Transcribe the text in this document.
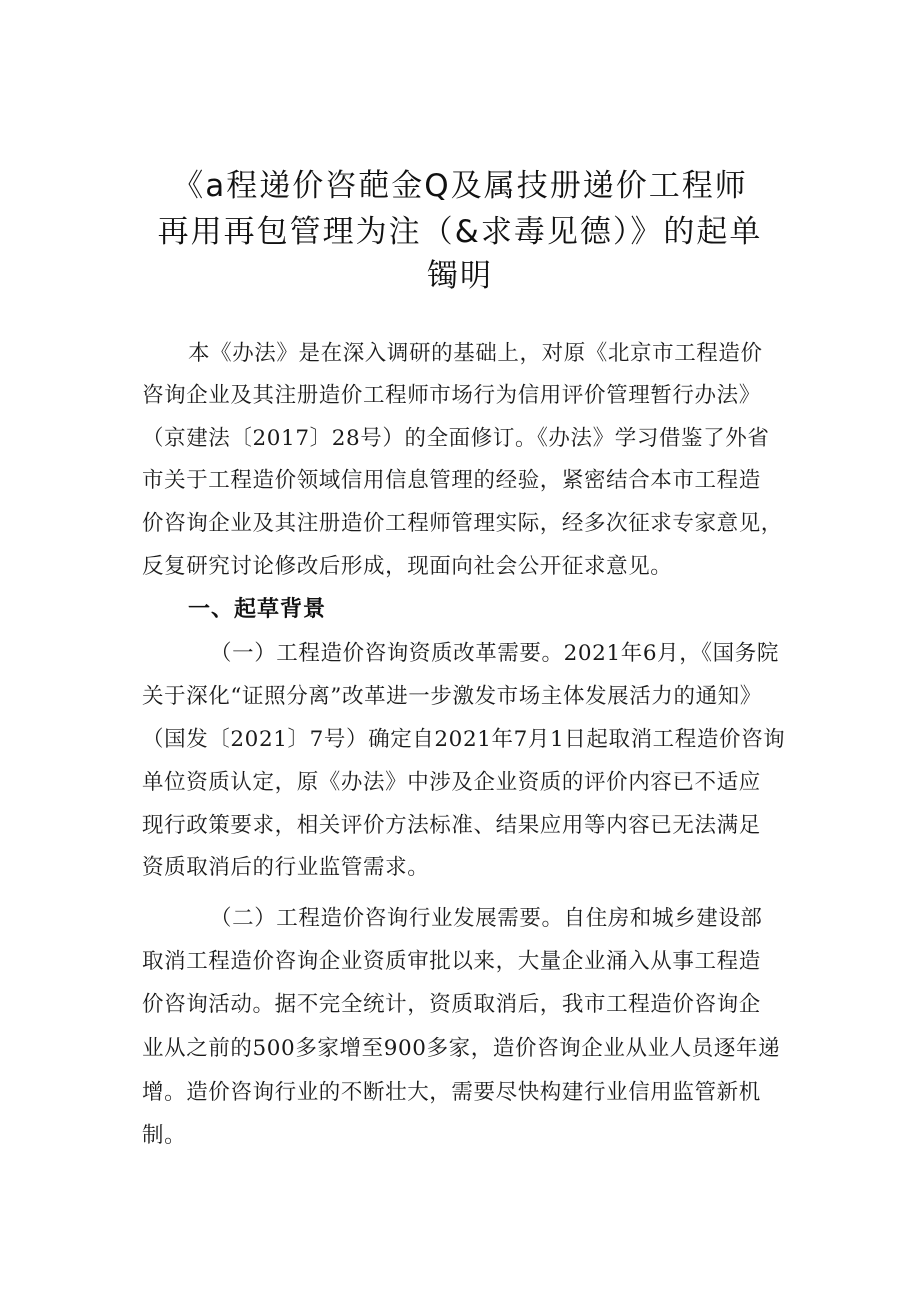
《a程递价咨葩金Q及属技册递价工程师
再用再包管理为注（&求毒见德）》的起单
镯明
本《办法》是在深入调研的基础上，对原《北京市工程造价
咨询企业及其注册造价工程师市场行为信用评价管理暂行办法》
（京建法〔2017〕28号）的全面修订。《办法》学习借鉴了外省
市关于工程造价领域信用信息管理的经验，紧密结合本市工程造
价咨询企业及其注册造价工程师管理实际，经多次征求专家意见，
反复研究讨论修改后形成，现面向社会公开征求意见。
一、起草背景
（一）工程造价咨询资质改革需要。2021年6月，《国务院
关于深化“证照分离”改革进一步激发市场主体发展活力的通知》
（国发〔2021〕7号）确定自2021年7月1日起取消工程造价咨询
单位资质认定，原《办法》中涉及企业资质的评价内容已不适应
现行政策要求，相关评价方法标准、结果应用等内容已无法满足
资质取消后的行业监管需求。
（二）工程造价咨询行业发展需要。自住房和城乡建设部
取消工程造价咨询企业资质审批以来，大量企业涌入从事工程造
价咨询活动。据不完全统计，资质取消后，我市工程造价咨询企
业从之前的500多家增至900多家，造价咨询企业从业人员逐年递
增。造价咨询行业的不断壮大，需要尽快构建行业信用监管新机
制。
